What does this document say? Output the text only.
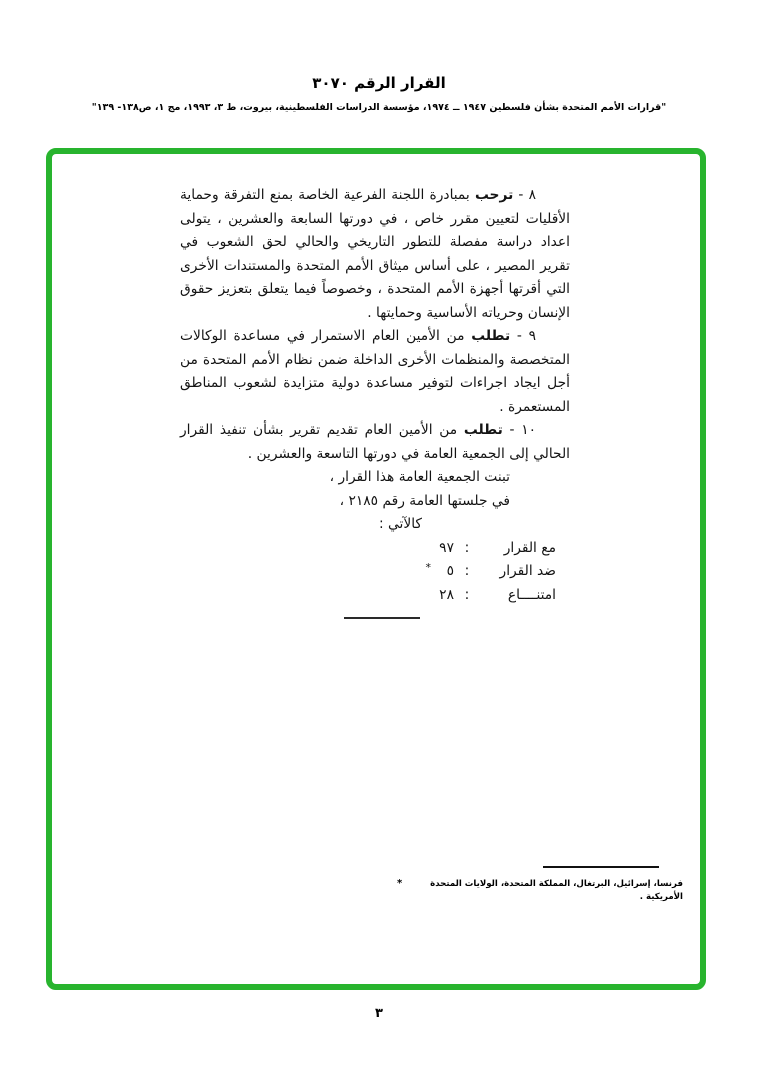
القرار الرقم ٣٠٧٠
"قرارات الأمم المتحدة بشأن فلسطين ١٩٤٧ ــ ١٩٧٤، مؤسسة الدراسات الفلسطينية، بيروت، ط ٣، ١٩٩٣، مج ١، ص١٣٨- ١٣٩"

٨ - ترحب بمبادرة اللجنة الفرعية الخاصة بمنع التفرقة وحماية الأقليات لتعيين مقرر خاص ، في دورتها السابعة والعشرين ، يتولى اعداد دراسة مفصلة للتطور التاريخي والحالي لحق الشعوب في تقرير المصير ، على أساس ميثاق الأمم المتحدة والمستندات الأخرى التي أقرتها أجهزة الأمم المتحدة ، وخصوصاً فيما يتعلق بتعزيز حقوق الإنسان وحرياته الأساسية وحمايتها .

٩ - تطلب من الأمين العام الاستمرار في مساعدة الوكالات المتخصصة والمنظمات الأخرى الداخلة ضمن نظام الأمم المتحدة من أجل ايجاد اجراءات لتوفير مساعدة دولية متزايدة لشعوب المناطق المستعمرة .

١٠ - تطلب من الأمين العام تقديم تقرير بشأن تنفيذ القرار الحالي إلى الجمعية العامة في دورتها التاسعة والعشرين .

تبنت الجمعية العامة هذا القرار ،
في جلستها العامة رقم ٢١٨٥ ،
كالآتي :
مع القرار
:
٩٧
ضد القرار
:
٥
*
امتنــــاع
:
٢٨
*	فرنسا، إسرائيل، البرتغال، المملكة المتحدة، الولايات المتحدة الأمريكية .
٣
